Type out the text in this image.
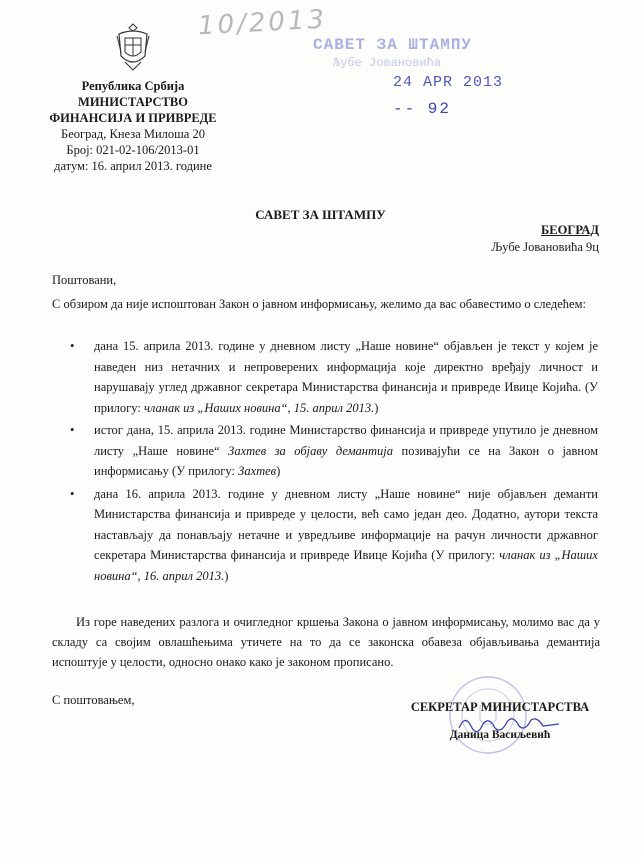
10/2013
Република Србија
МИНИСТАРСТВО
ФИНАНСИЈА И ПРИВРЕДЕ
Београд, Кнеза Милоша 20
Број: 021-02-106/2013-01
датум: 16. април 2013. године
САВЕТ ЗА ШТАМПУ
Љубе Јовановића
24 APR 2013
-- 92
САВЕТ ЗА ШТАМПУ
БЕОГРАД
Љубе Јовановића 9ц

Поштовани,

С обзиром да није испоштован Закон о јавном информисању, желимо да вас обавестимо о следећем:

• дана 15. априла 2013. године у дневном листу „Наше новине“ објављен је текст у којем је наведен низ нетачних и непроверених информација које директно вређају личност и нарушавају углед државног секретара Министарства финансија и привреде Ивице Којића. (У прилогу: чланак из „Наших новина“, 15. април 2013.)
• истог дана, 15. априла 2013. године Министарство финансија и привреде упутило је дневном листу „Наше новине“ Захтев за објаву демантија позивајући се на Закон о јавном информисању (У прилогу: Захтев)
• дана 16. априла 2013. године у дневном листу „Наше новине“ није објављен деманти Министарства финансија и привреде у целости, већ само један део. Додатно, аутори текста настављају да понављају нетачне и увредљиве информације на рачун личности државног секретара Министарства финансија и привреде Ивице Којића (У прилогу: чланак из „Наших новина“, 16. април 2013.)

Из горе наведених разлога и очигледног кршења Закона о јавном информисању, молимо вас да у складу са својим овлашћењима утичете на то да се законска обавеза објављивања демантија испоштује у целости, односно онако како је законом прописано.

С поштовањем,	СЕКРЕТАР МИНИСТАРСТВА
Даница Васиљевић
